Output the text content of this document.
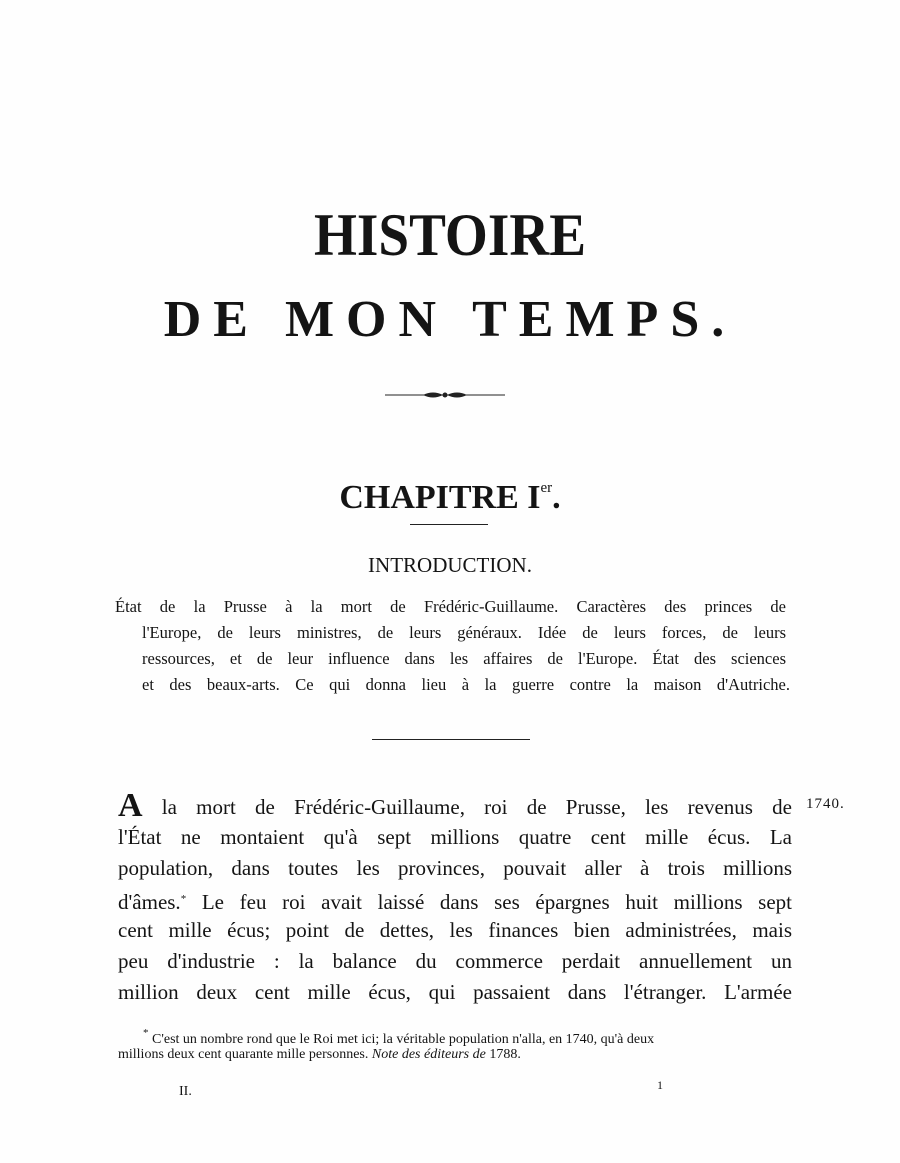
HISTOIRE
DE MON TEMPS.
CHAPITRE Ier.
INTRODUCTION.
État de la Prusse à la mort de Frédéric-Guillaume. Caractères des princes de
l'Europe, de leurs ministres, de leurs généraux. Idée de leurs forces, de leurs
ressources, et de leur influence dans les affaires de l'Europe. État des sciences
et des beaux-arts. Ce qui donna lieu à la guerre contre la maison d'Autriche.
A la mort de Frédéric-Guillaume, roi de Prusse, les revenus de
l'État ne montaient qu'à sept millions quatre cent mille écus. La
population, dans toutes les provinces, pouvait aller à trois millions
d'âmes.* Le feu roi avait laissé dans ses épargnes huit millions sept
cent mille écus; point de dettes, les finances bien administrées, mais
peu d'industrie : la balance du commerce perdait annuellement un
million deux cent mille écus, qui passaient dans l'étranger. L'armée
1740.
* C'est un nombre rond que le Roi met ici; la véritable population n'alla, en 1740, qu'à deux
millions deux cent quarante mille personnes. Note des éditeurs de 1788.
II.	1
